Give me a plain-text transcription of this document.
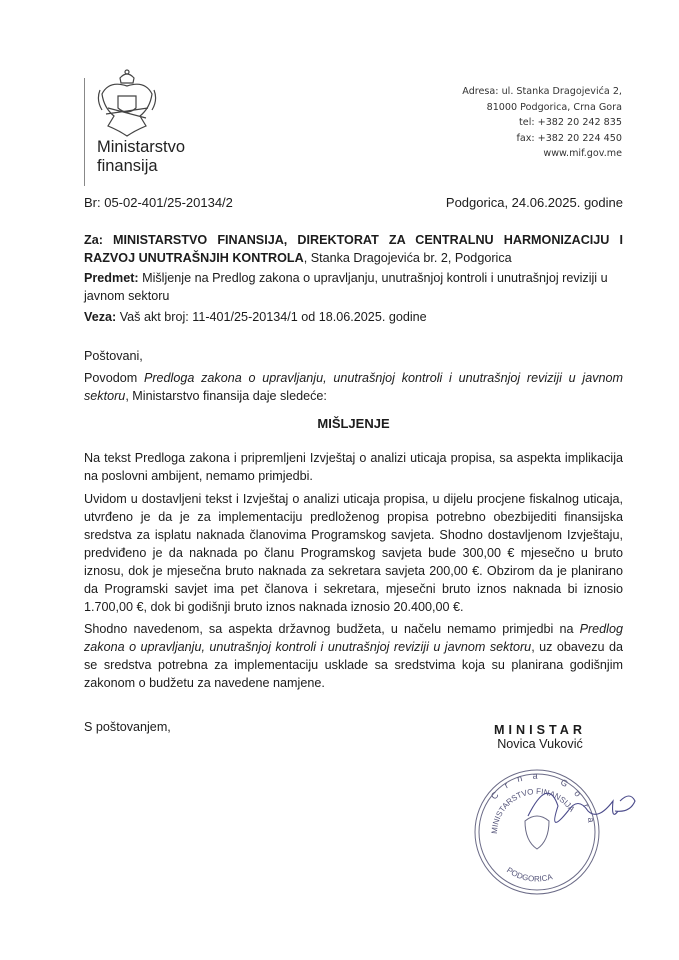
Ministarstvo
finansija
Adresa: ul. Stanka Dragojevića 2,
81000 Podgorica, Crna Gora
tel: +382 20 242 835
fax: +382 20 224 450
www.mif.gov.me
Br: 05-02-401/25-20134/2	Podgorica, 24.06.2025. godine

Za: MINISTARSTVO FINANSIJA, DIREKTORAT ZA CENTRALNU HARMONIZACIJU I RAZVOJ UNUTRAŠNJIH KONTROLA, Stanka Dragojevića br. 2, Podgorica

Predmet: Mišljenje na Predlog zakona o upravljanju, unutrašnjoj kontroli i unutrašnjoj reviziji u javnom sektoru

Veza: Vaš akt broj: 11-401/25-20134/1 od 18.06.2025. godine

Poštovani,

Povodom Predloga zakona o upravljanju, unutrašnjoj kontroli i unutrašnjoj reviziji u javnom sektoru, Ministarstvo finansija daje sledeće:

MIŠLJENJE

Na tekst Predloga zakona i pripremljeni Izvještaj o analizi uticaja propisa, sa aspekta implikacija na poslovni ambijent, nemamo primjedbi.

Uvidom u dostavljeni tekst i Izvještaj o analizi uticaja propisa, u dijelu procjene fiskalnog uticaja, utvrđeno je da je za implementaciju predloženog propisa potrebno obezbijediti finansijska sredstva za isplatu naknada članovima Programskog savjeta. Shodno dostavljenom Izvještaju, predviđeno je da naknada po članu Programskog savjeta bude 300,00 € mjesečno u bruto iznosu, dok je mjesečna bruto naknada za sekretara savjeta 200,00 €. Obzirom da je planirano da Programski savjet ima pet članova i sekretara, mjesečni bruto iznos naknada bi iznosio 1.700,00 €, dok bi godišnji bruto iznos naknada iznosio 20.400,00 €.

Shodno navedenom, sa aspekta državnog budžeta, u načelu nemamo primjedbi na Predlog zakona o upravljanju, unutrašnjoj kontroli i unutrašnjoj reviziji u javnom sektoru, uz obavezu da se sredstva potrebna za implementaciju usklade sa sredstvima koja su planirana godišnjim zakonom o budžetu za navedene namjene.

S poštovanjem,	MINISTAR
Novica Vuković
Crna Gora
MINISTARSTVO FINANSIJA
PODGORICA
